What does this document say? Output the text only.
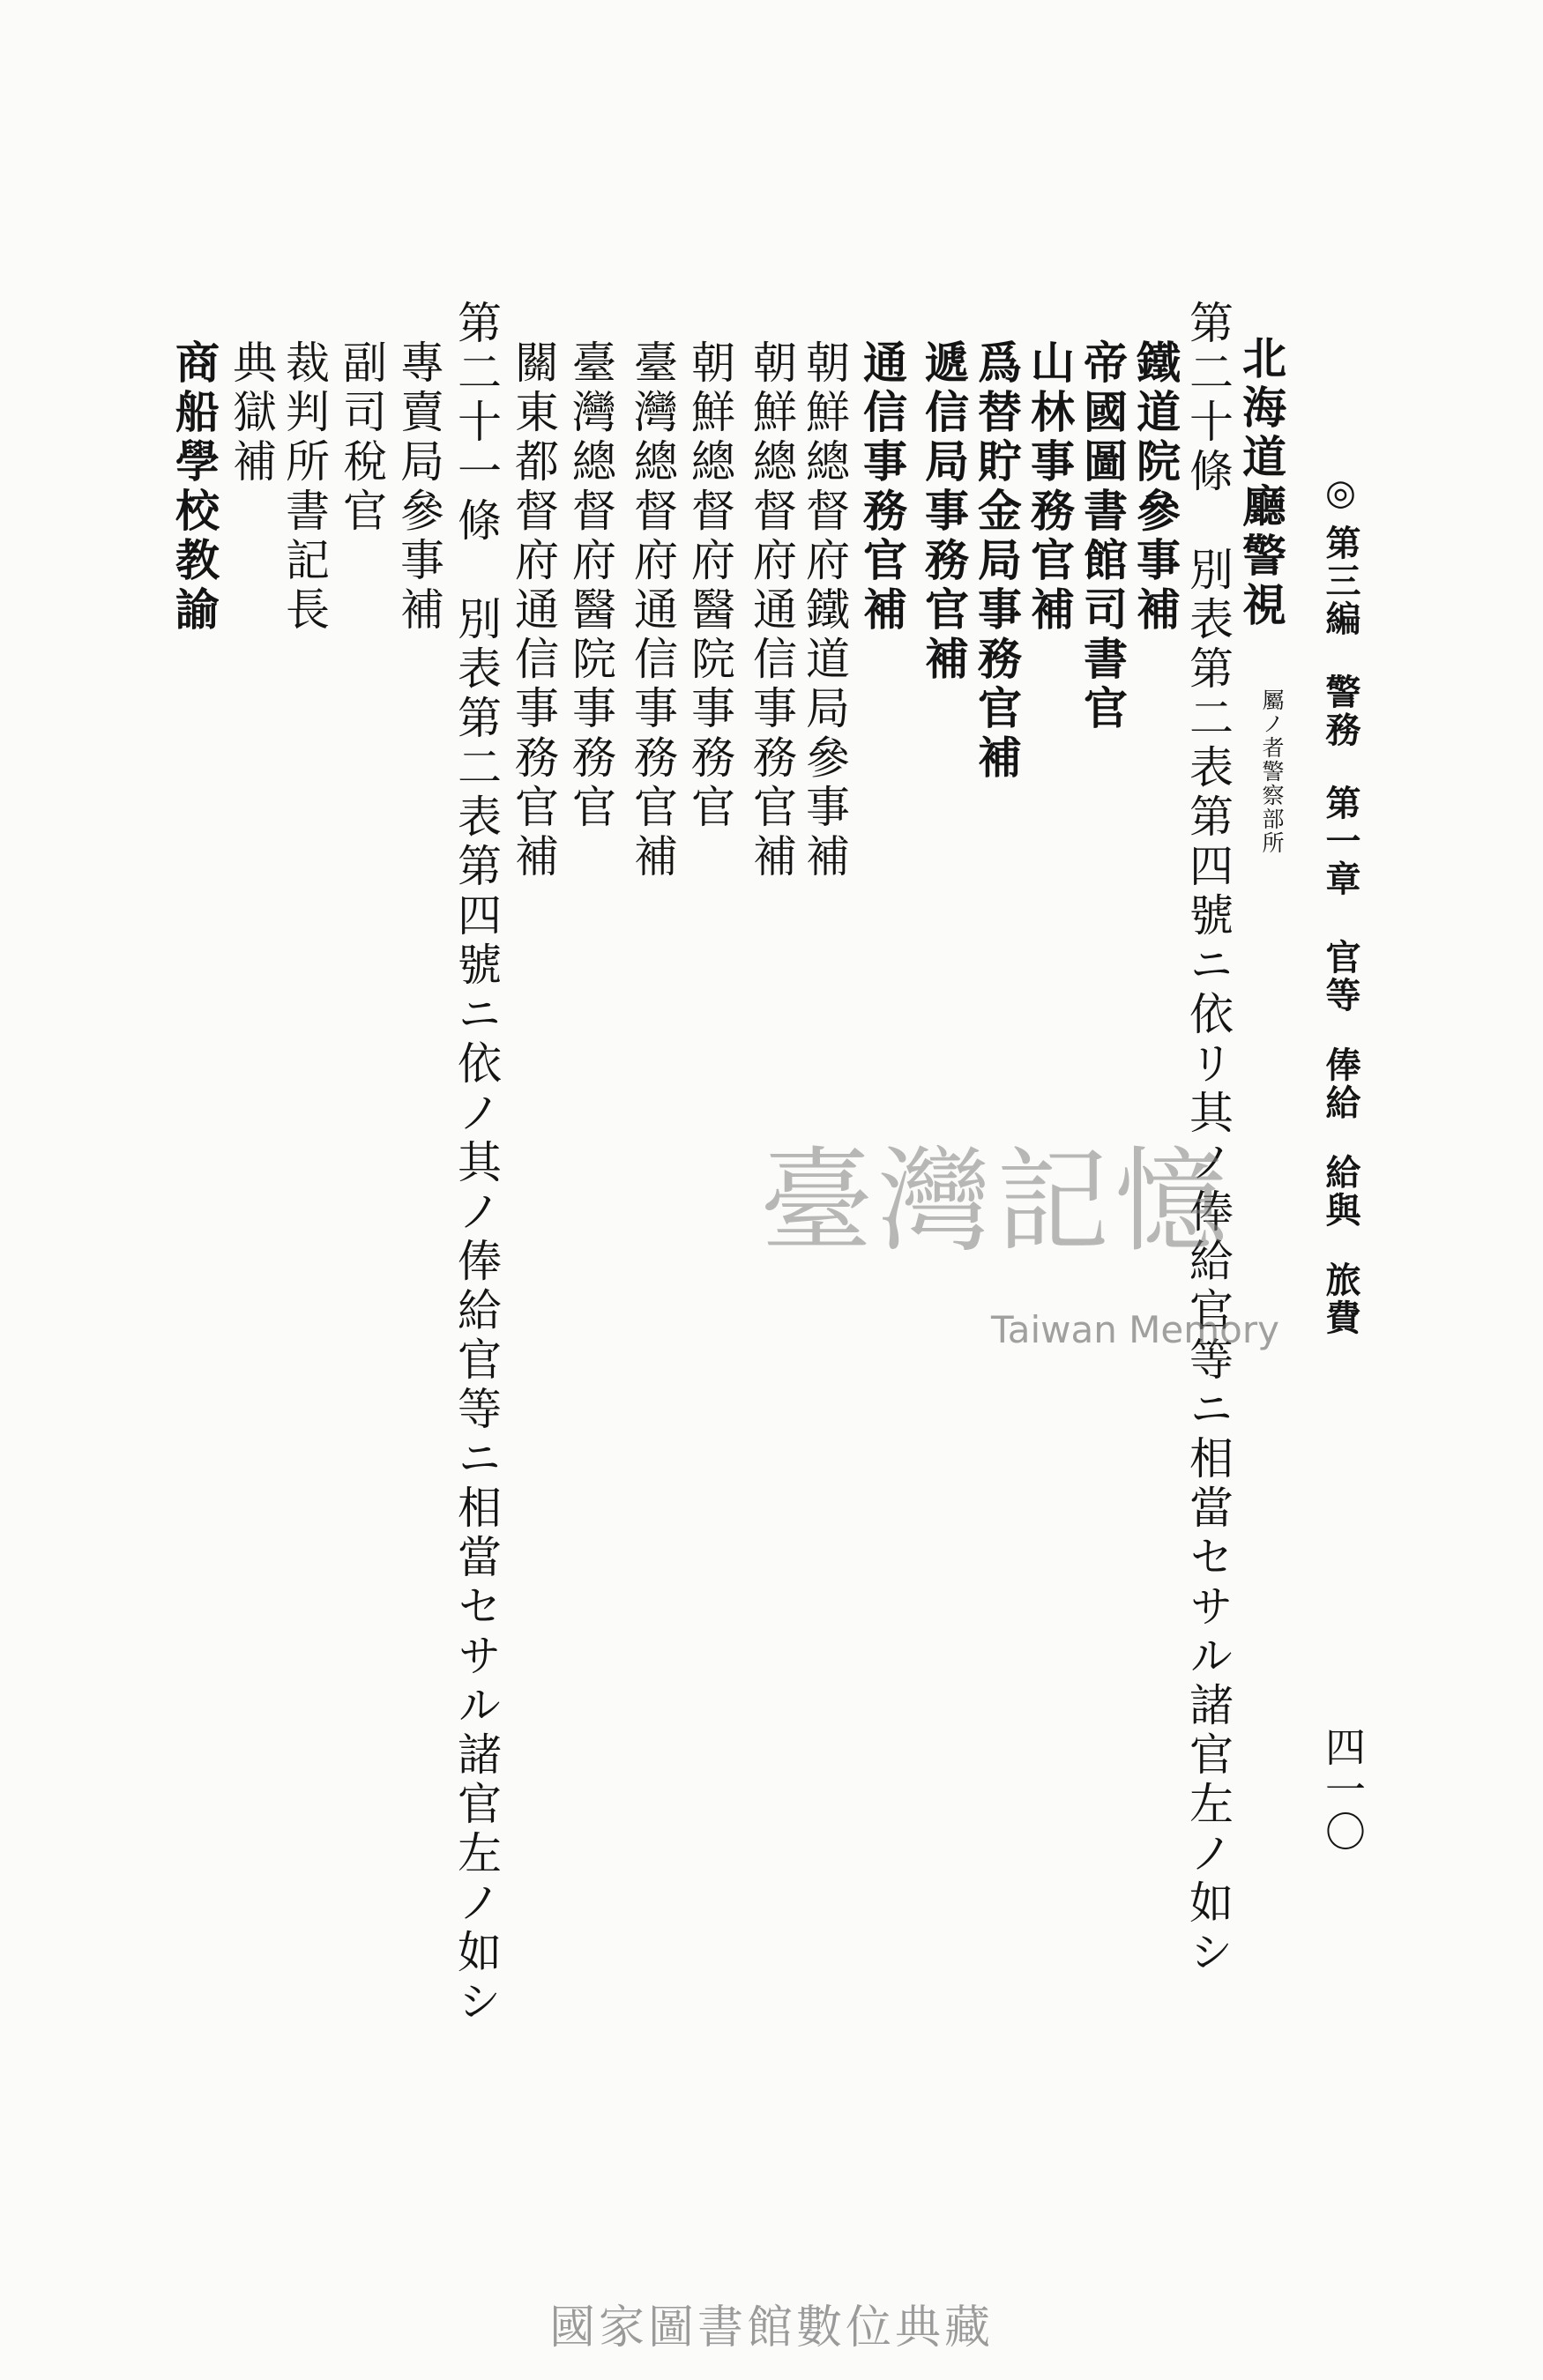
◎第三編警務第一章官等俸給給與旅費
四一〇
北海道廳警視
警察部所
屬ノ者
第二十條　別表第二表第四號ニ依リ其ノ俸給官等ニ相當セサル諸官左ノ如シ
鐵道院參事補
帝國圖書館司書官
山林事務官補
爲替貯金局事務官補
遞信局事務官補
通信事務官補
朝鮮總督府鐵道局參事補
朝鮮總督府通信事務官補
朝鮮總督府醫院事務官
臺灣總督府通信事務官補
臺灣總督府醫院事務官
關東都督府通信事務官補
第二十一條　別表第二表第四號ニ依ノ其ノ俸給官等ニ相當セサル諸官左ノ如シ
專賣局參事補
副司稅官
裁判所書記長
典獄補
商船學校教諭
臺灣記憶
Taiwan Memory
國家圖書館數位典藏
